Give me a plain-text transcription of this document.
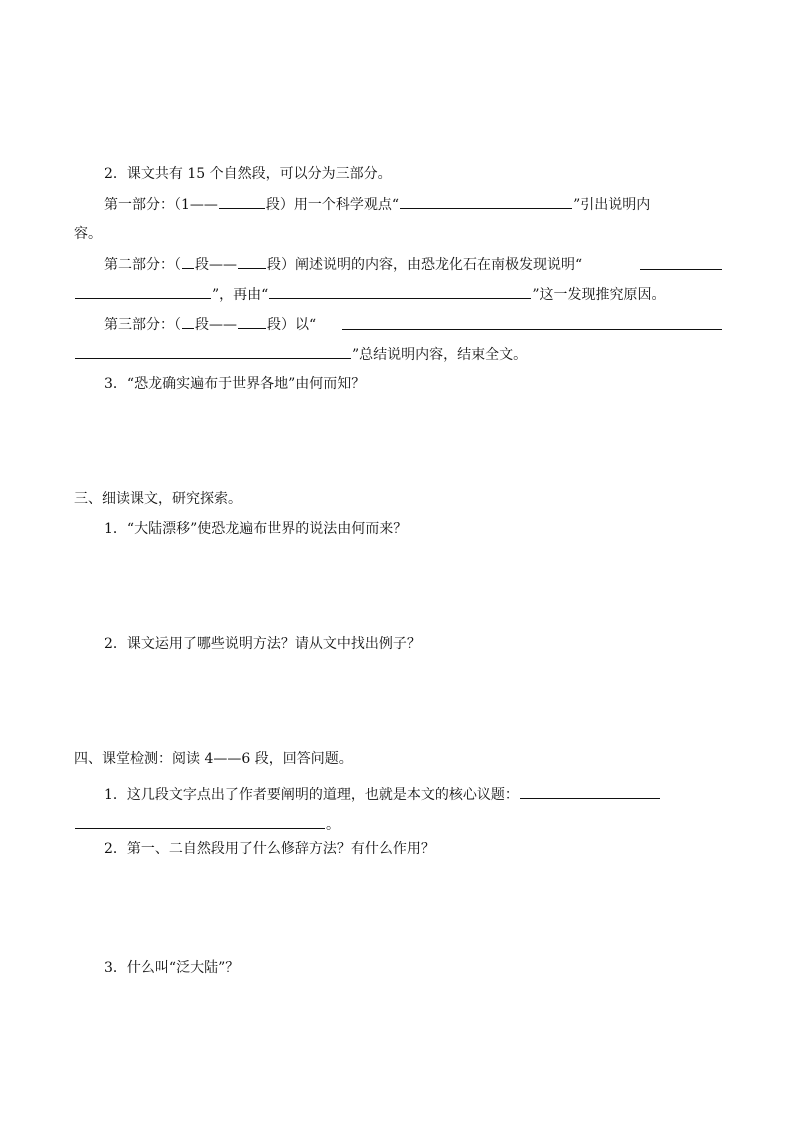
2．课文共有 15 个自然段，可以分为三部分。
第一部分：（1——	段）用一个科学观点“	”引出说明内
容。
第二部分：（ 段—— 段）阐述说明的内容，由恐龙化石在南极发现说明“
”，再由“	”这一发现推究原因。
第三部分：（ 段—— 段）以“
”总结说明内容，结束全文。
3．“恐龙确实遍布于世界各地”由何而知？
三、细读课文，研究探索。
1．“大陆漂移”使恐龙遍布世界的说法由何而来？
2．课文运用了哪些说明方法？请从文中找出例子？
四、课堂检测：阅读 4——6 段，回答问题。
1．这几段文字点出了作者要阐明的道理，也就是本文的核心议题：
。
2．第一、二自然段用了什么修辞方法？有什么作用？
3．什么叫“泛大陆”？
